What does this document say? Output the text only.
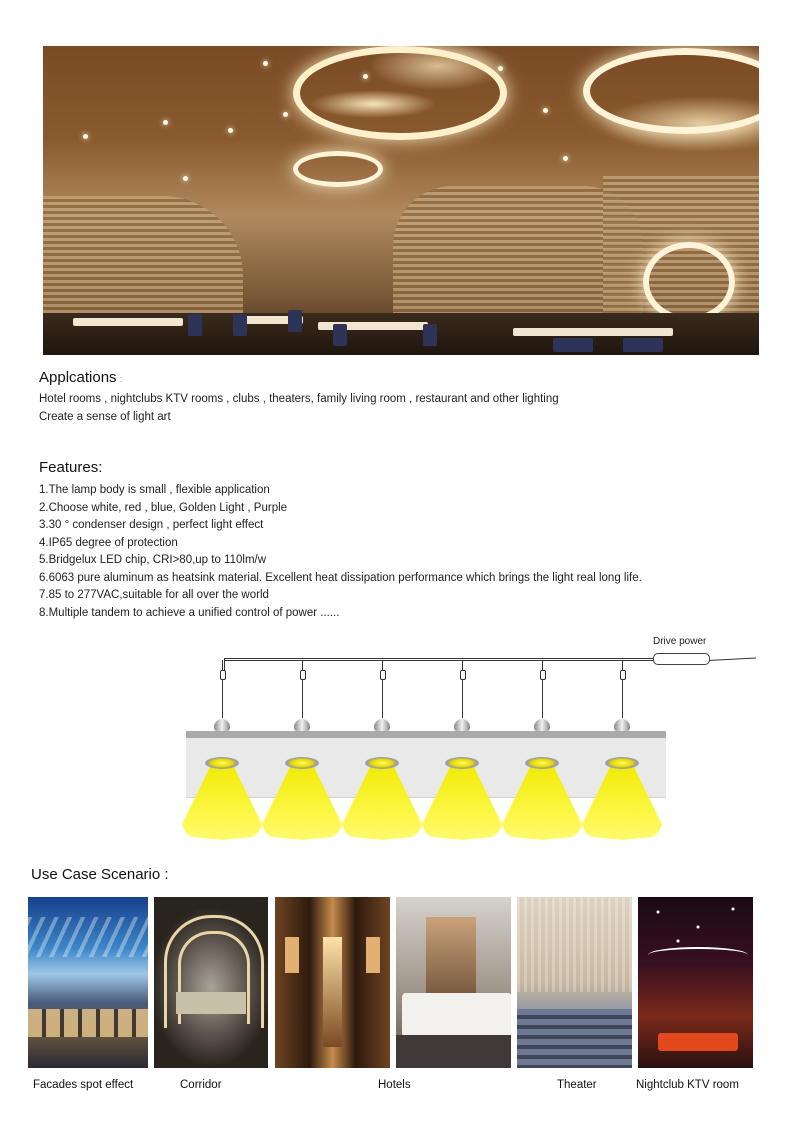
Applcations :
Hotel rooms , nightclubs KTV rooms , clubs , theaters, family living room , restaurant and other lighting
Create a sense of light art
Features:
1.The lamp body is small , flexible application
2.Choose white, red , blue, Golden Light , Purple
3.30 ° condenser design , perfect light effect
4.IP65 degree of protection
5.Bridgelux LED chip, CRI>80,up to 110lm/w
6.6063 pure aluminum as heatsink material. Excellent heat dissipation performance which brings the light real long life.
7.85 to 277VAC,suitable for all over the world
8.Multiple tandem to achieve a unified control of power ......
Drive power
Use Case Scenario :
Facades spot effect	Corridor	Hotels	Theater	Nightclub KTV room
